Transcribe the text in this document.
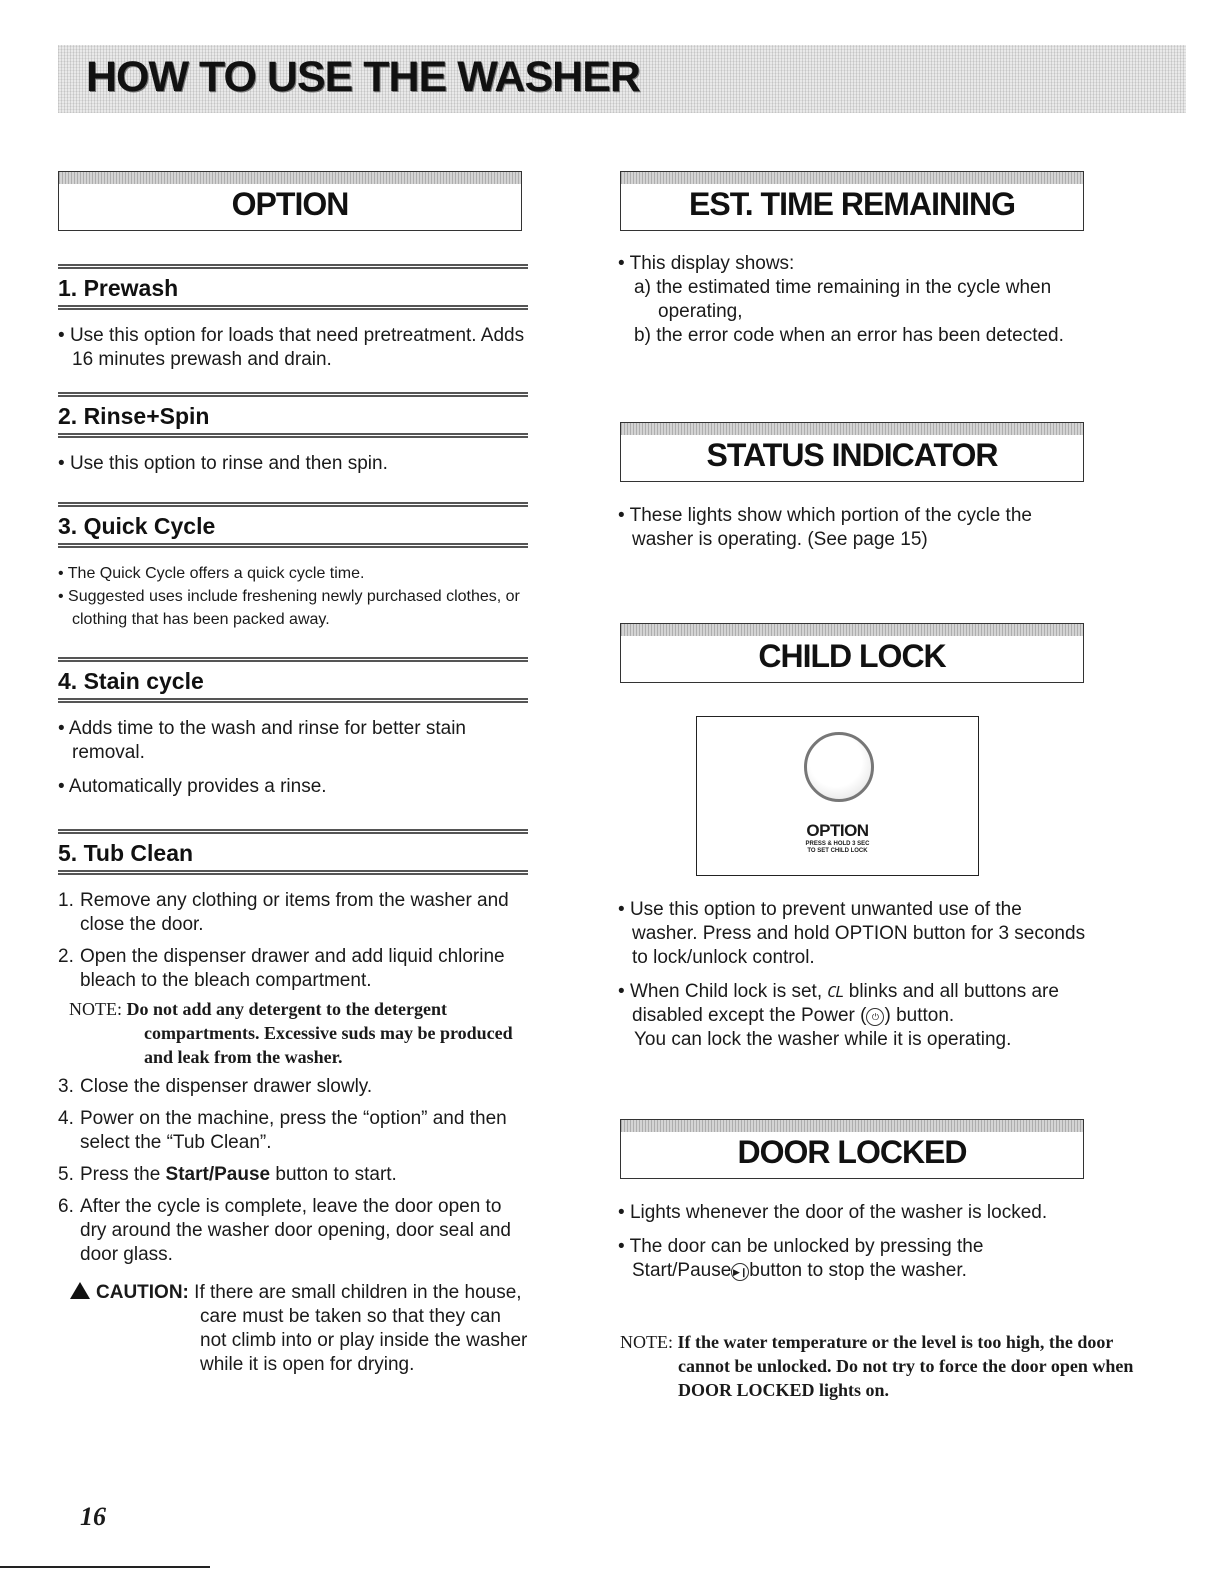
HOW TO USE THE WASHER
OPTION
1. Prewash

• Use this option for loads that need pretreatment. Adds 16 minutes prewash and drain.

2. Rinse+Spin

• Use this option to rinse and then spin.

3. Quick Cycle

• The Quick Cycle offers a quick cycle time.

• Suggested uses include freshening newly purchased clothes, or clothing that has been packed away.

4. Stain cycle

• Adds time to the wash and rinse for better stain removal.

• Automatically provides a rinse.

5. Tub Clean

1. Remove any clothing or items from the washer and close the door.

2. Open the dispenser drawer and add liquid chlorine bleach to the bleach compartment.

NOTE: Do not add any detergent to the detergent compartments. Excessive suds may be produced and leak from the washer.

3. Close the dispenser drawer slowly.

4. Power on the machine, press the “option” and then select the “Tub Clean”.

5. Press the Start/Pause button to start.

6. After the cycle is complete, leave the door open to dry around the washer door opening, door seal and door glass.

CAUTION: If there are small children in the house, care must be taken so that they can not climb into or play inside the washer while it is open for drying.

EST. TIME REMAINING

• This display shows:

a) the estimated time remaining in the cycle when operating,

b) the error code when an error has been detected.

STATUS INDICATOR

• These lights show which portion of the cycle the washer is operating. (See page 15)

CHILD LOCK
OPTION
PRESS & HOLD 3 SEC
TO SET CHILD LOCK

• Use this option to prevent unwanted use of the washer. Press and hold OPTION button for 3 seconds to lock/unlock control.

• When Child lock is set, CL blinks and all buttons are disabled except the Power ( ⏻ ) button.

You can lock the washer while it is operating.

DOOR LOCKED

• Lights whenever the door of the washer is locked.

• The door can be unlocked by pressing the Start/Pause ▶❙button to stop the washer.

NOTE: If the water temperature or the level is too high, the door cannot be unlocked. Do not try to force the door open when DOOR LOCKED lights on.
16
